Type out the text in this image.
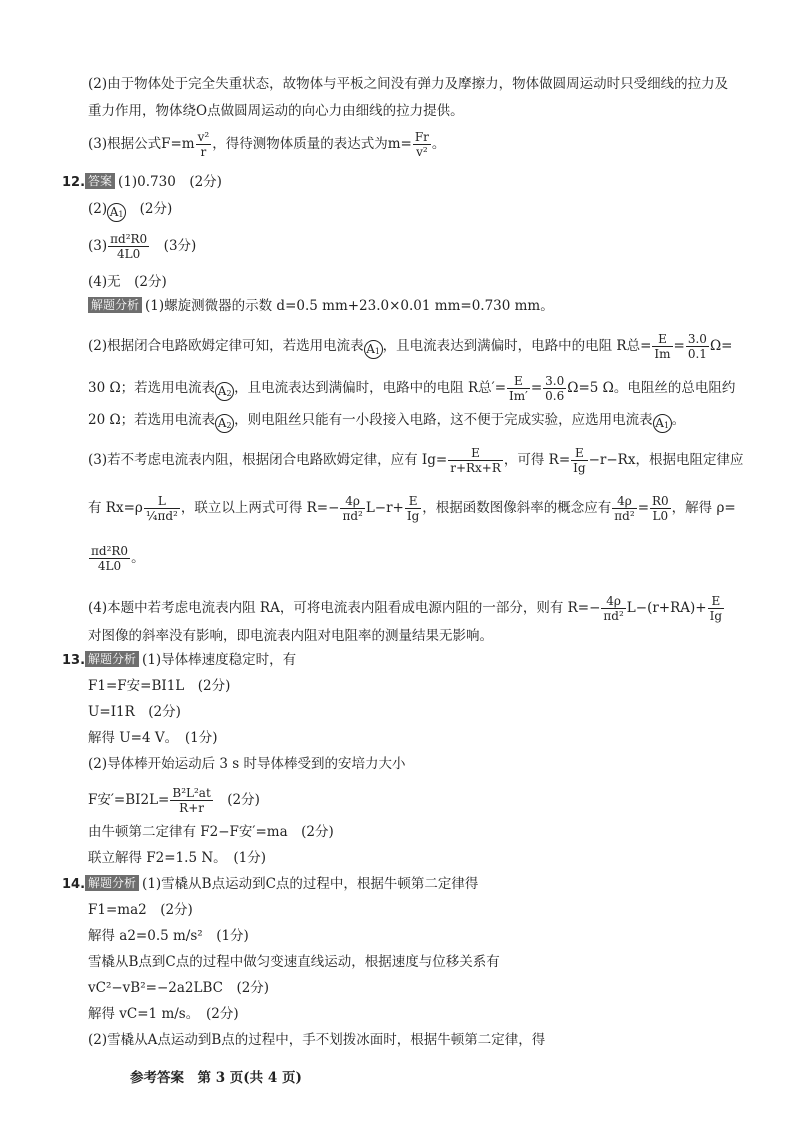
(2)由于物体处于完全失重状态，故物体与平板之间没有弹力及摩擦力，物体做圆周运动时只受细线的拉力及
重力作用，物体绕O点做圆周运动的向心力由细线的拉力提供。
(3)根据公式$F=m \frac{\text{v²}}{r}$ ，得待测物体质量的表达式为$m= \frac{Fr}{\text{v²}}$ 。
12. 答案 (1)0.730　(2分)
(2) $A_1$　(2分)
$(3) \frac{\text{πd²R0}}{4L0}$ 　(3分)
(4)无　(2分)
解题分析 (1)螺旋测微器的示数 d=0.5 mm+23.0×0.01 mm=0.730 mm。
(2)根据闭合电路欧姆定律可知，若选用电流表 $A_1$ ，且电流表达到满偏时，电路中的电阻 R总= $\frac{E}{Im} = \frac{3.0}{0.1} \Omega=$
30 Ω；若选用电流表 $A_2$ ，且电流表达到满偏时，电路中的电阻 R总′= $\frac{E}{Im'} = \frac{3.0}{0.6} \Omega=5$ Ω。电阻丝的总电阻约
20 Ω；若选用电流表 $A_2$ ，则电阻丝只能有一小段接入电路，这不便于完成实验，应选用电流表 $A_1$ 。
(3)若不考虑电流表内阻，根据闭合电路欧姆定律，应有 $Ig= \frac{E}{r+Rx+R}$ ，可得 $R= \frac{E}{Ig} -r-Rx$，根据电阻定律应
有 $Rx=\rho \frac{L}{\text{¼πd²}}$ ，联立以上两式可得 $R=- \frac{4\rho}{\text{πd²}} L-r+ \frac{E}{Ig}$ ，根据函数图像斜率的概念应有 $\frac{4\rho}{\text{πd²}} = \frac{R0}{L0}$ ，解得 ρ=
$\frac{\text{πd²R0}}{4L0}$ 。
(4)本题中若考虑电流表内阻 RA，可将电流表内阻看成电源内阻的一部分，则有 $R=- \frac{4\rho}{\text{πd²}} L-(r+RA)+ \frac{E}{Ig}$
对图像的斜率没有影响，即电流表内阻对电阻率的测量结果无影响。
13. 解题分析 (1)导体棒速度稳定时，有
F1=F安=BI1L　(2分)
U=I1R　(2分)
解得 U=4 V。　(1分)
(2)导体棒开始运动后 3 s 时导体棒受到的安培力大小
F安$'=BI2L= \frac{\text{B²L²at}}{R+r}$ 　(2分)
由牛顿第二定律有 F2−F安′=ma　(2分)
联立解得 F2=1.5 N。　(1分)
14. 解题分析 (1)雪橇从B点运动到C点的过程中，根据牛顿第二定律得
F1=ma2　(2分)
解得 a2=0.5 m/s²　(1分)
雪橇从B点到C点的过程中做匀变速直线运动，根据速度与位移关系有
vC²−vB²=−2a2LBC　(2分)
解得 vC=1 m/s。　(2分)
(2)雪橇从A点运动到B点的过程中，手不划拨冰面时，根据牛顿第二定律，得
参考答案　第 3 页(共 4 页)
